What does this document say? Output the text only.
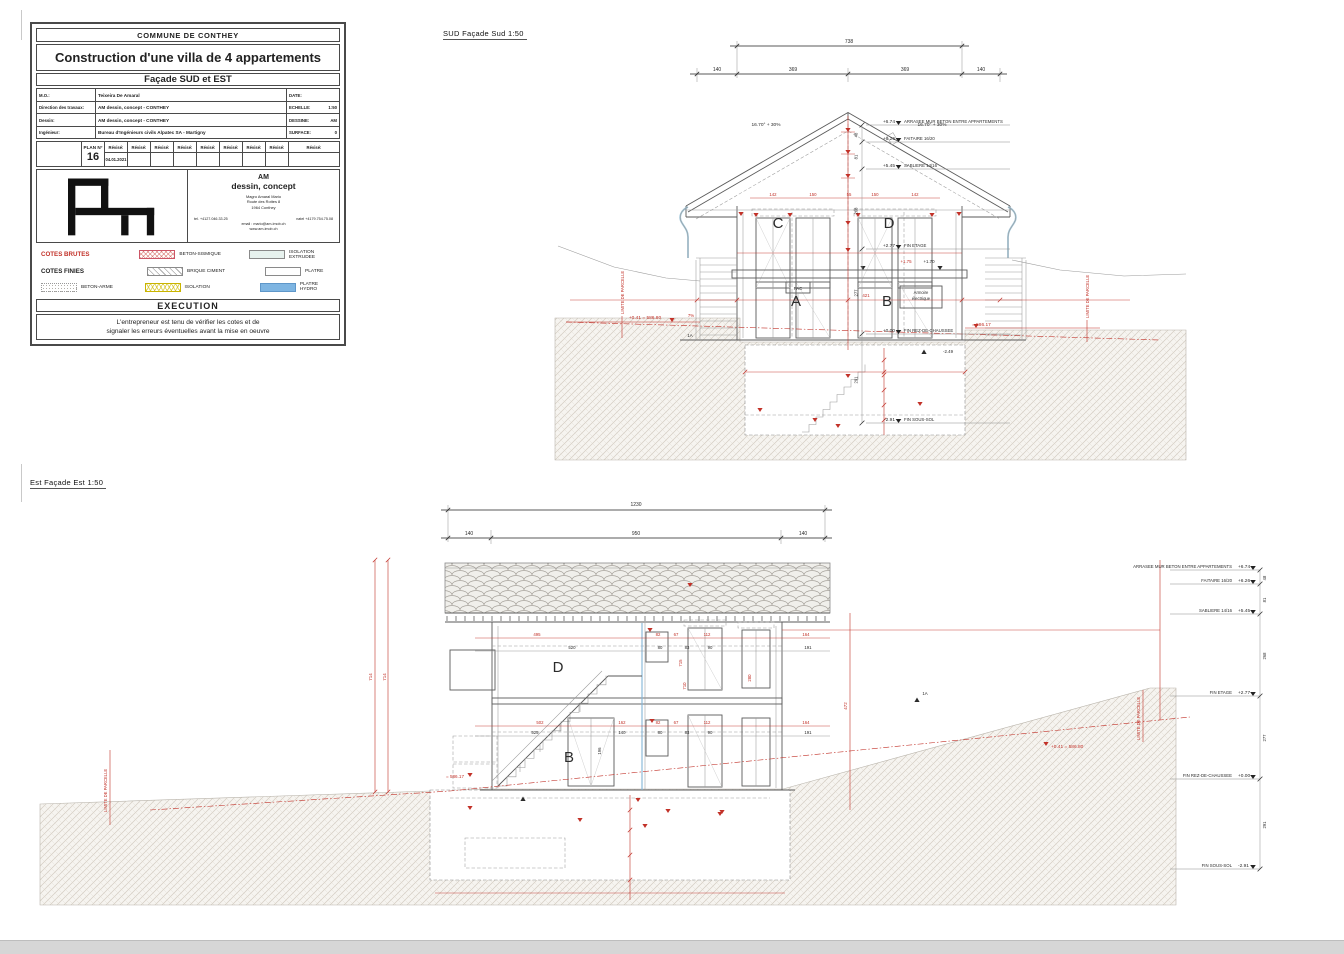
COMMUNE DE CONTHEY
Construction d'une villa de 4 appartements
Façade SUD et EST
M.O.:	Teixeira De Amaral	DATE:
Direction des travaux:	AM dessin, concept - CONTHEY	ECHELLE:	1:50
Dessin:	AM dessin, concept - CONTHEY	DESSINE:	AM
Ingénieur:	Bureau d'Ingénieurs civils Alpatec SA - Martigny	SURFACE:	0
Révisé:	Révisé:	Révisé:	Révisé:	Révisé:	Révisé:	Révisé:	Révisé:	Révisé:
PLAN N°
16 04.01.2021
AM
dessin, concept
Magro Amaral Mario
Route des Rottes 8
1964 Conthey
tel. +4127.046.33.25	natel +4179.754.75.08
email : mario@am-imob.ch
www.am-imob.ch
COTES BRUTES	BETON-SISMIQUE	ISOLATION EXTRUDEE
COTES FINIES	BRIQUE CIMENT	PLATRE
BETON-ARME	ISOLATION	PLATRE HYDRO
EXECUTION
L'entrepreneur est tenu de vérifier les cotes et de
signaler les erreurs éventuelles avant la mise en oeuvre
SUD Façade Sud 1:50
Est Façade Est 1:50
+6.74 ARRASEE MUR BETON ENTRE APPARTEMENTS
+6.26 FAITAIRE 16/20
+5.45 SABLIERE 14/16
+2.77 FIN ETAGE
+0.00 FIN REZ-DE-CHAUSSEE
-2.91 FIN SOUS-SOL
738
140	369	369	140
16.70° + 30%	16.70° + 30%
142	150	55	150	142
C	D
A	B
PAC
Armoire
électrique
+1.75	+1.70
+0.41 = 586.80
7%
1A
= 586.17
421
-2.49
LIMITE DE PARCELLE	LIMITE DE PARCELLE
48
81
268
277
291
+6.74
ARRASEE MUR BETON ENTRE APPARTEMENTS
+6.26
FAITAIRE 16/20
+5.45
SABLIERE 14/16
+2.77
FIN ETAGE
+0.00
FIN REZ-DE-CHAUSSEE
-2.91
FIN SOUS-SOL
1230
140	950	140
D
B
495	82	67	112	164
520	80	83	90	191
502	162	82	67	112	164
525	140	80	83	90	191
715
710
280
196
714 714
472
1A
+0.41 = 586.80
= 586.17
LIMITE DE PARCELLE
LIMITE DE PARCELLE
48
81
268
277
291
